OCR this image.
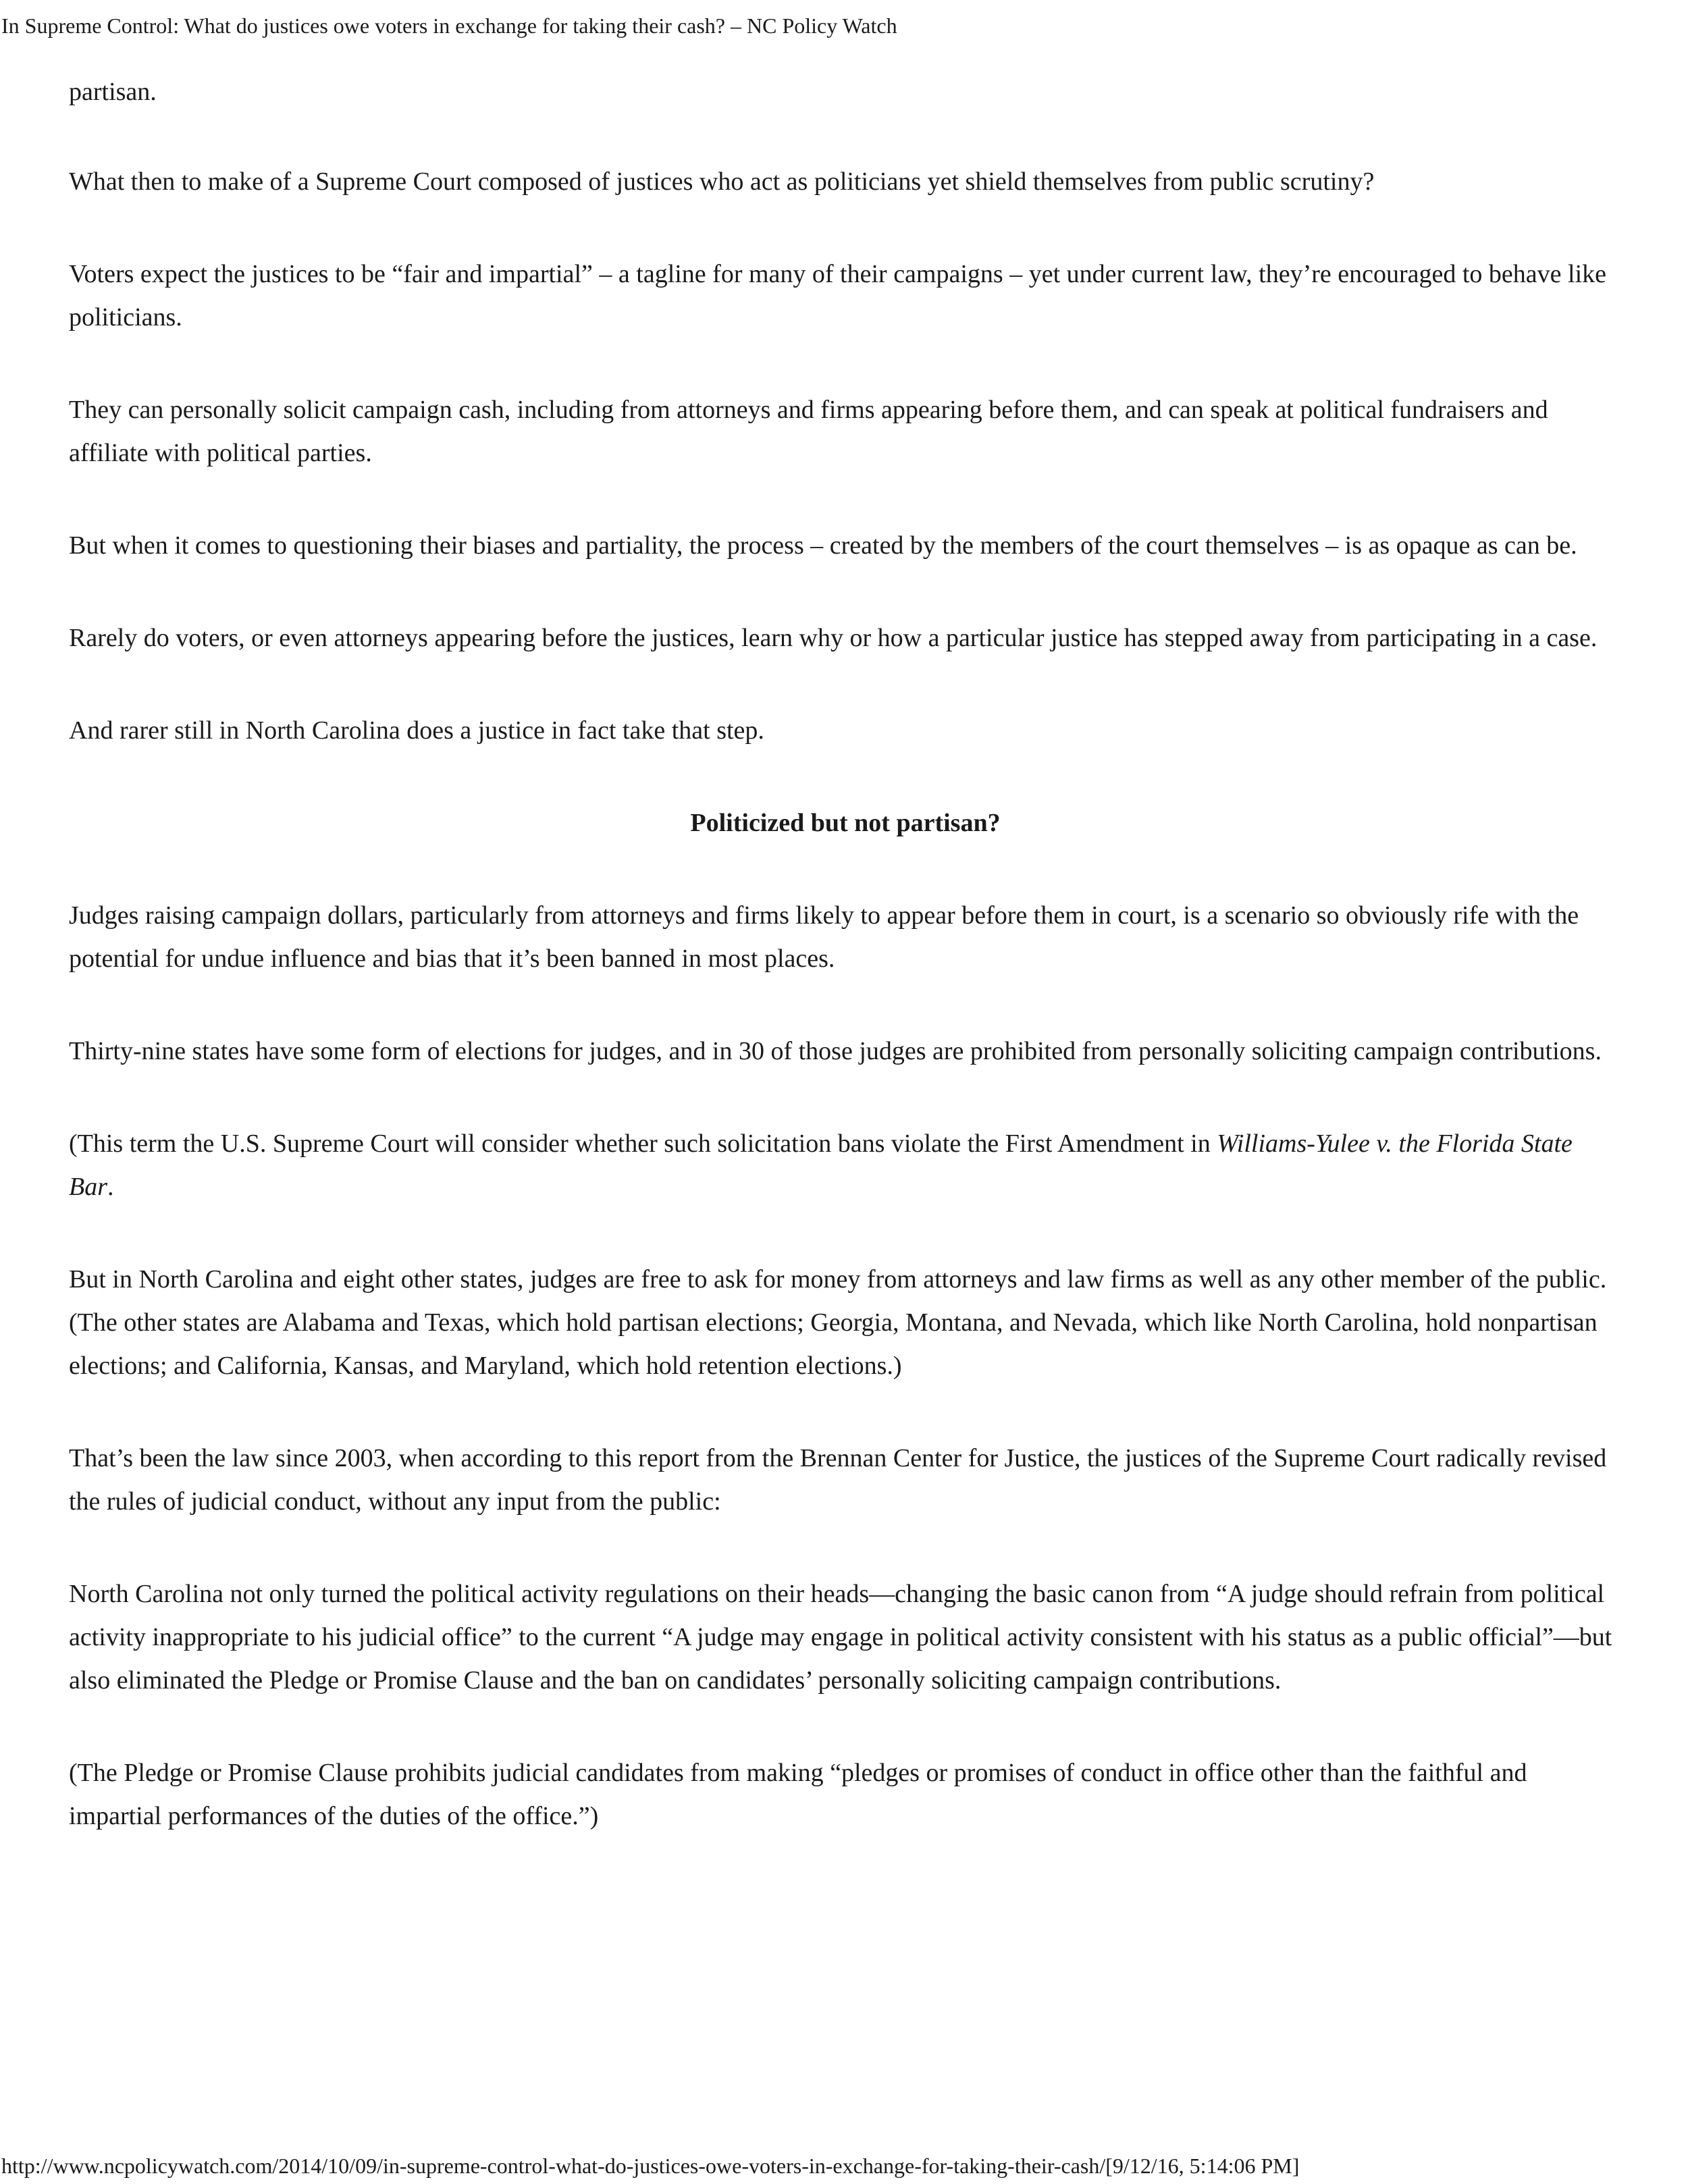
In Supreme Control: What do justices owe voters in exchange for taking their cash? – NC Policy Watch

partisan.

What then to make of a Supreme Court composed of justices who act as politicians yet shield themselves from public scrutiny?

Voters expect the justices to be “fair and impartial” – a tagline for many of their campaigns – yet under current law, they’re encouraged to behave like politicians.

They can personally solicit campaign cash, including from attorneys and firms appearing before them, and can speak at political fundraisers and affiliate with political parties.

But when it comes to questioning their biases and partiality, the process – created by the members of the court themselves – is as opaque as can be.

Rarely do voters, or even attorneys appearing before the justices, learn why or how a particular justice has stepped away from participating in a case.

And rarer still in North Carolina does a justice in fact take that step.

Politicized but not partisan?

Judges raising campaign dollars, particularly from attorneys and firms likely to appear before them in court, is a scenario so obviously rife with the potential for undue influence and bias that it’s been banned in most places.

Thirty-nine states have some form of elections for judges, and in 30 of those judges are prohibited from personally soliciting campaign contributions.

(This term the U.S. Supreme Court will consider whether such solicitation bans violate the First Amendment in Williams-Yulee v. the Florida State Bar.

But in North Carolina and eight other states, judges are free to ask for money from attorneys and law firms as well as any other member of the public. (The other states are Alabama and Texas, which hold partisan elections; Georgia, Montana, and Nevada, which like North Carolina, hold nonpartisan elections; and California, Kansas, and Maryland, which hold retention elections.)

That’s been the law since 2003, when according to this report from the Brennan Center for Justice, the justices of the Supreme Court radically revised the rules of judicial conduct, without any input from the public:

North Carolina not only turned the political activity regulations on their heads—changing the basic canon from “A judge should refrain from political activity inappropriate to his judicial office” to the current “A judge may engage in political activity consistent with his status as a public official”—but also eliminated the Pledge or Promise Clause and the ban on candidates’ personally soliciting campaign contributions.

(The Pledge or Promise Clause prohibits judicial candidates from making “pledges or promises of conduct in office other than the faithful and impartial performances of the duties of the office.”)

http://www.ncpolicywatch.com/2014/10/09/in-supreme-control-what-do-justices-owe-voters-in-exchange-for-taking-their-cash/[9/12/16, 5:14:06 PM]
